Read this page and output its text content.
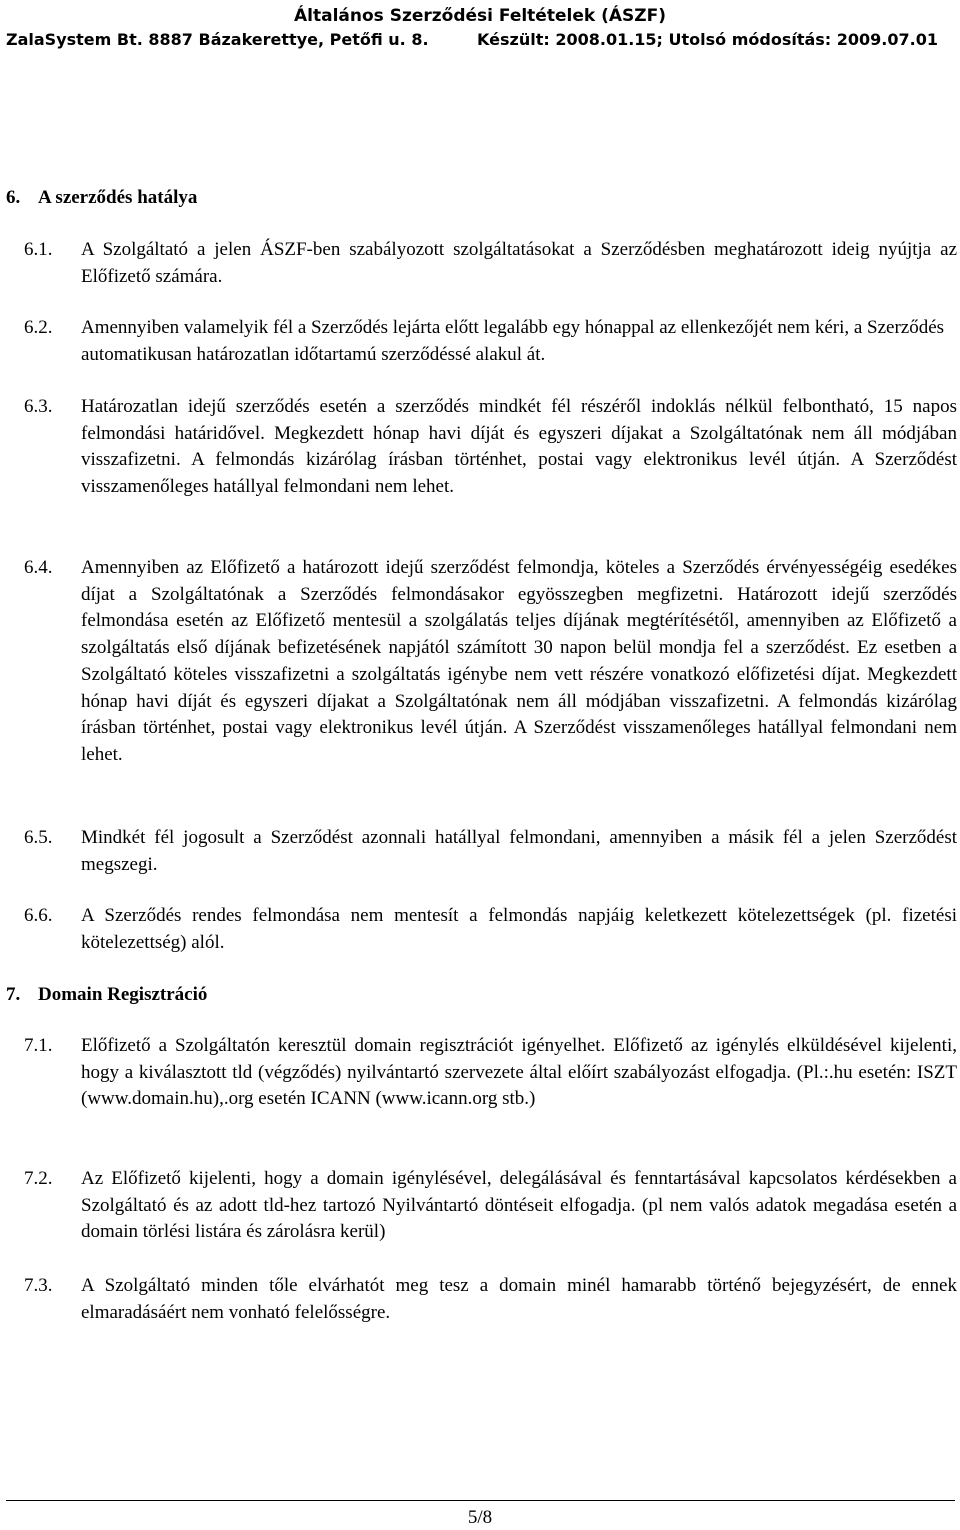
Általános Szerződési Feltételek (ÁSZF)
ZalaSystem Bt. 8887 Bázakerettye, Petőfi u. 8.	Készült: 2008.01.15; Utolsó módosítás: 2009.07.01
6. A szerződés hatálya
6.1. A Szolgáltató a jelen ÁSZF-ben szabályozott szolgáltatásokat a Szerződésben meghatározott ideig nyújtja az Előfizető számára.
6.2. Amennyiben valamelyik fél a Szerződés lejárta előtt legalább egy hónappal az ellenkezőjét nem kéri, a Szerződés automatikusan határozatlan időtartamú szerződéssé alakul át.
6.3. Határozatlan idejű szerződés esetén a szerződés mindkét fél részéről indoklás nélkül felbontható, 15 napos felmondási határidővel. Megkezdett hónap havi díját és egyszeri díjakat a Szolgáltatónak nem áll módjában visszafizetni. A felmondás kizárólag írásban történhet, postai vagy elektronikus levél útján. A Szerződést visszamenőleges hatállyal felmondani nem lehet.
6.4. Amennyiben az Előfizető a határozott idejű szerződést felmondja, köteles a Szerződés érvényességéig esedékes díjat a Szolgáltatónak a Szerződés felmondásakor egyösszegben megfizetni. Határozott idejű szerződés felmondása esetén az Előfizető mentesül a szolgálatás teljes díjának megtérítésétől, amennyiben az Előfizető a szolgáltatás első díjának befizetésének napjától számított 30 napon belül mondja fel a szerződést. Ez esetben a Szolgáltató köteles visszafizetni a szolgáltatás igénybe nem vett részére vonatkozó előfizetési díjat. Megkezdett hónap havi díját és egyszeri díjakat a Szolgáltatónak nem áll módjában visszafizetni. A felmondás kizárólag írásban történhet, postai vagy elektronikus levél útján. A Szerződést visszamenőleges hatállyal felmondani nem lehet.
6.5. Mindkét fél jogosult a Szerződést azonnali hatállyal felmondani, amennyiben a másik fél a jelen Szerződést megszegi.
6.6. A Szerződés rendes felmondása nem mentesít a felmondás napjáig keletkezett kötelezettségek (pl. fizetési kötelezettség) alól.
7. Domain Regisztráció
7.1. Előfizető a Szolgáltatón keresztül domain regisztrációt igényelhet. Előfizető az igénylés elküldésével kijelenti, hogy a kiválasztott tld (végződés) nyilvántartó szervezete által előírt szabályozást elfogadja. (Pl.:.hu esetén: ISZT (www.domain.hu),.org esetén ICANN (www.icann.org stb.)
7.2. Az Előfizető kijelenti, hogy a domain igénylésével, delegálásával és fenntartásával kapcsolatos kérdésekben a Szolgáltató és az adott tld-hez tartozó Nyilvántartó döntéseit elfogadja. (pl nem valós adatok megadása esetén a domain törlési listára és zárolásra kerül)
7.3. A Szolgáltató minden tőle elvárhatót meg tesz a domain minél hamarabb történő bejegyzésért, de ennek elmaradásáért nem vonható felelősségre.
5/8
